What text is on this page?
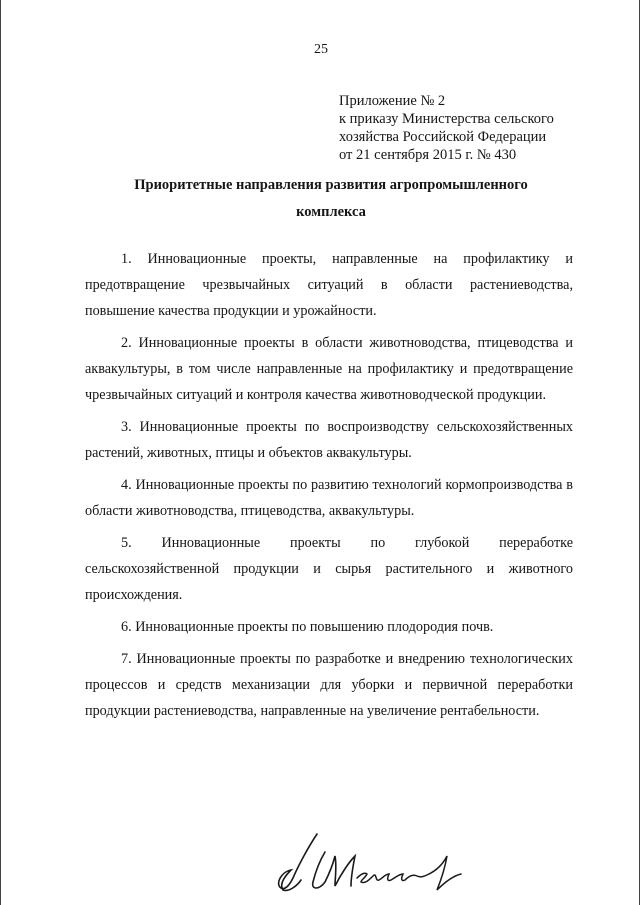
25
Приложение № 2
к приказу Министерства сельского
хозяйства Российской Федерации
от 21 сентября 2015 г. № 430
Приоритетные направления развития агропромышленного
комплекса

1. Инновационные проекты, направленные на профилактику и предотвращение чрезвычайных ситуаций в области растениеводства, повышение качества продукции и урожайности.

2. Инновационные проекты в области животноводства, птицеводства и аквакультуры, в том числе направленные на профилактику и предотвращение чрезвычайных ситуаций и контроля качества животноводческой продукции.

3. Инновационные проекты по воспроизводству сельскохозяйственных растений, животных, птицы и объектов аквакультуры.

4. Инновационные проекты по развитию технологий кормопроизводства в области животноводства, птицеводства, аквакультуры.

5. Инновационные проекты по глубокой переработке сельскохозяйственной продукции и сырья растительного и животного происхождения.

6. Инновационные проекты по повышению плодородия почв.

7. Инновационные проекты по разработке и внедрению технологических процессов и средств механизации для уборки и первичной переработки продукции растениеводства, направленные на увеличение рентабельности.
